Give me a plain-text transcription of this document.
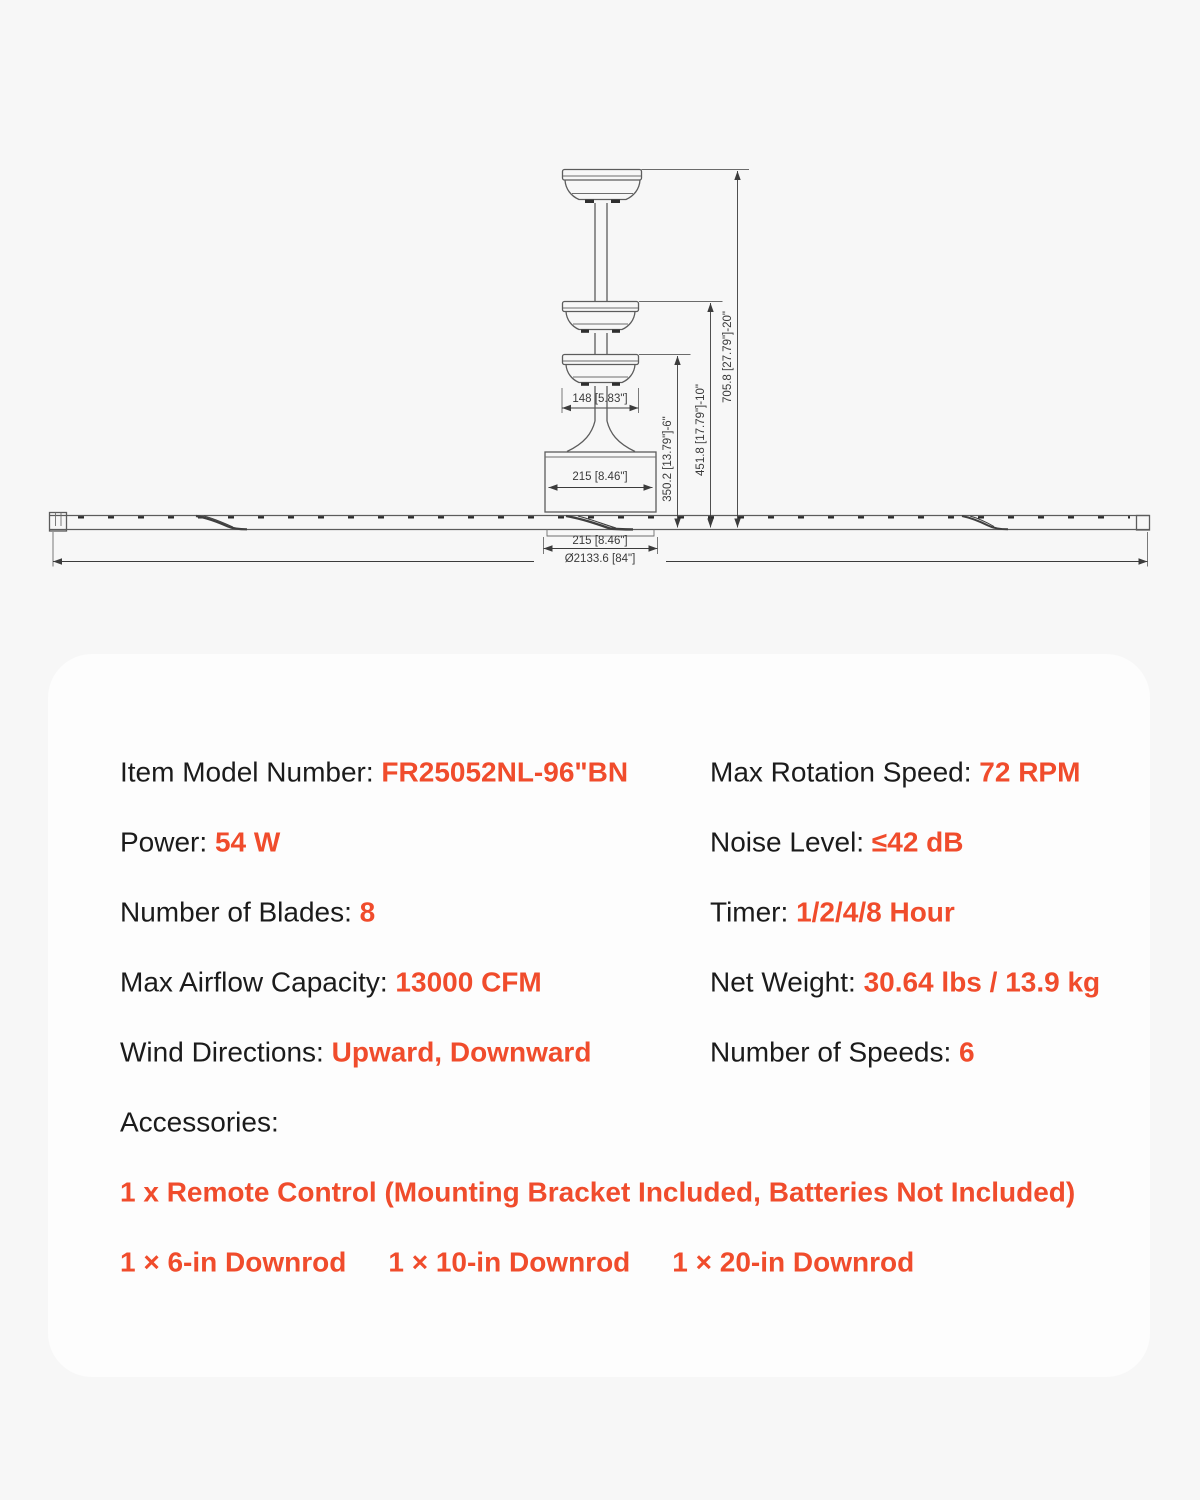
148 [5.83"]
215 [8.46"]
215 [8.46"]
Ø2133.6 [84"]
705.8 [27.79"]-20"
451.8 [17.79"]-10"
350.2 [13.79"]-6"

Item Model Number: FR25052NL-96"BN	Max Rotation Speed: 72 RPM

Power: 54 W	Noise Level: ≤42 dB

Number of Blades: 8	Timer: 1/2/4/8 Hour

Max Airflow Capacity: 13000 CFM	Net Weight: 30.64 lbs / 13.9 kg

Wind Directions: Upward, Downward	Number of Speeds: 6

Accessories:

1 x Remote Control (Mounting Bracket Included, Batteries Not Included)

1 × 6-in Downrod 1 × 10-in Downrod 1 × 20-in Downrod
